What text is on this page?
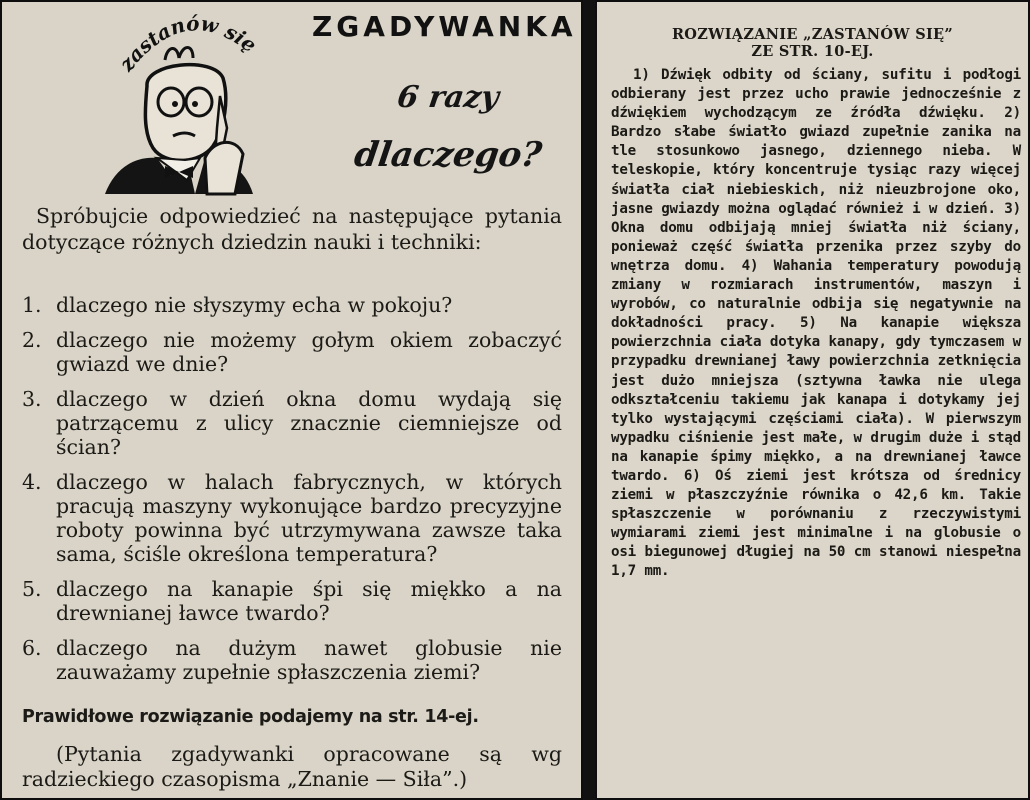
zastanów się
ZGADYWANKA
6 razy
dlaczego?

Spróbujcie odpowiedzieć na następujące pytania dotyczące różnych dziedzin nauki i techniki:

1. dlaczego nie słyszymy echa w pokoju?
2. dlaczego nie możemy gołym okiem zobaczyć gwiazd we dnie?
3. dlaczego w dzień okna domu wydają się patrzącemu z ulicy znacznie ciemniejsze od ścian?
4. dlaczego w halach fabrycznych, w których pracują maszyny wykonujące bardzo precyzyjne roboty powinna być utrzymywana zawsze taka sama, ściśle określona temperatura?
5. dlaczego na kanapie śpi się miękko a na drewnianej ławce twardo?
6. dlaczego na dużym nawet globusie nie zauważamy zupełnie spłaszczenia ziemi?
Prawidłowe rozwiązanie podajemy na str. 14-ej.

(Pytania zgadywanki opracowane są wg radzieckiego czasopisma „Znanie — Siła”.)

ROZWIĄZANIE „ZASTANÓW SIĘ”
ZE STR. 10-EJ.

1) Dźwięk odbity od ściany, sufitu i podłogi odbierany jest przez ucho prawie jednocześnie z dźwiękiem wychodzącym ze źródła dźwięku. 2) Bardzo słabe światło gwiazd zupełnie zanika na tle stosunkowo jasnego, dziennego nieba. W teleskopie, który koncentruje tysiąc razy więcej światła ciał niebieskich, niż nieuzbrojone oko, jasne gwiazdy można oglądać również i w dzień. 3) Okna domu odbijają mniej światła niż ściany, ponieważ część światła przenika przez szyby do wnętrza domu. 4) Wahania temperatury powodują zmiany w rozmiarach instrumentów, maszyn i wyrobów, co naturalnie odbija się negatywnie na dokładności pracy. 5) Na kanapie większa powierzchnia ciała dotyka kanapy, gdy tymczasem w przypadku drewnianej ławy powierzchnia zetknięcia jest dużo mniejsza (sztywna ławka nie ulega odkształceniu takiemu jak kanapa i dotykamy jej tylko wystającymi częściami ciała). W pierwszym wypadku ciśnienie jest małe, w drugim duże i stąd na kanapie śpimy miękko, a na drewnianej ławce twardo. 6) Oś ziemi jest krótsza od średnicy ziemi w płaszczyźnie równika o 42,6 km. Takie spłaszczenie w porównaniu z rzeczywistymi wymiarami ziemi jest minimalne i na globusie o osi biegunowej długiej na 50 cm stanowi niespełna 1,7 mm.
